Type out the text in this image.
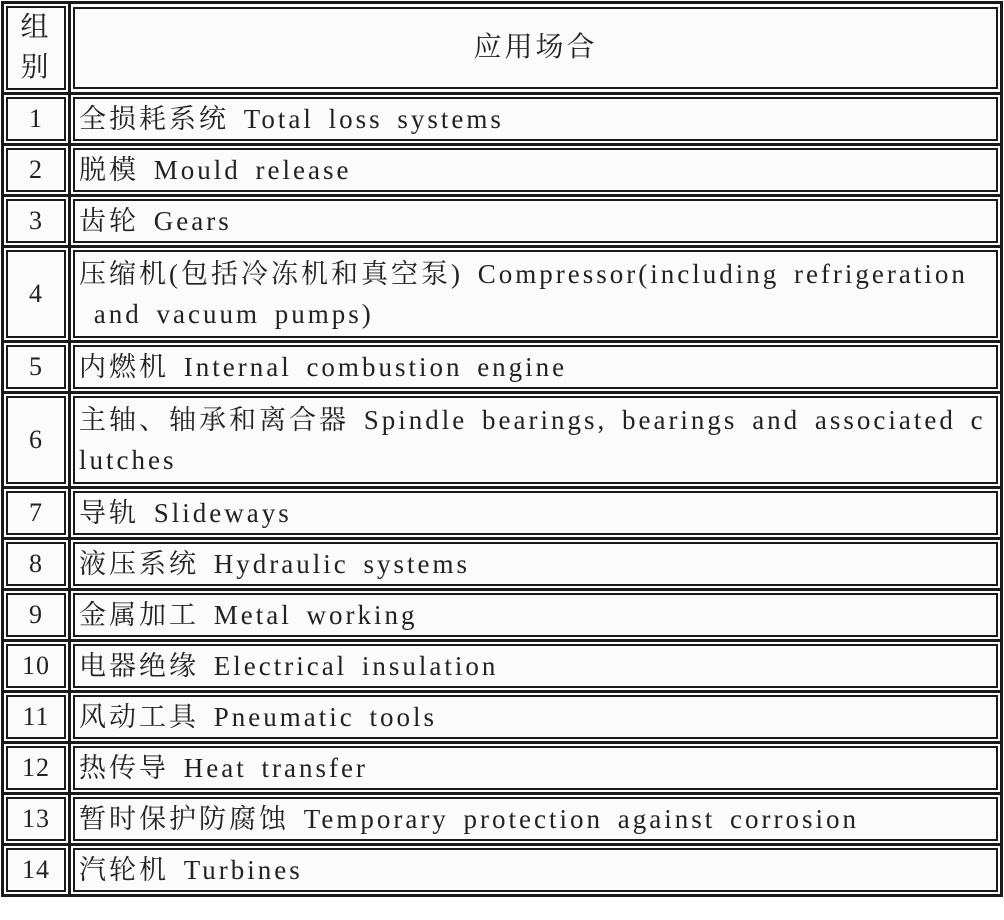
组
别	应用场合

1	全损耗系统 Total loss systems

2	脱模 Mould release

3	齿轮 Gears

4	压缩机(包括冷冻机和真空泵) Compressor(including refrigeration
and vacuum pumps)

5	内燃机 Internal combustion engine

6	主轴、轴承和离合器 Spindle bearings, bearings and associated c
lutches

7	导轨 Slideways

8	液压系统 Hydraulic systems

9	金属加工 Metal working

10	电器绝缘 Electrical insulation

11	风动工具 Pneumatic tools

12	热传导 Heat transfer

13	暂时保护防腐蚀 Temporary protection against corrosion

14	汽轮机 Turbines
